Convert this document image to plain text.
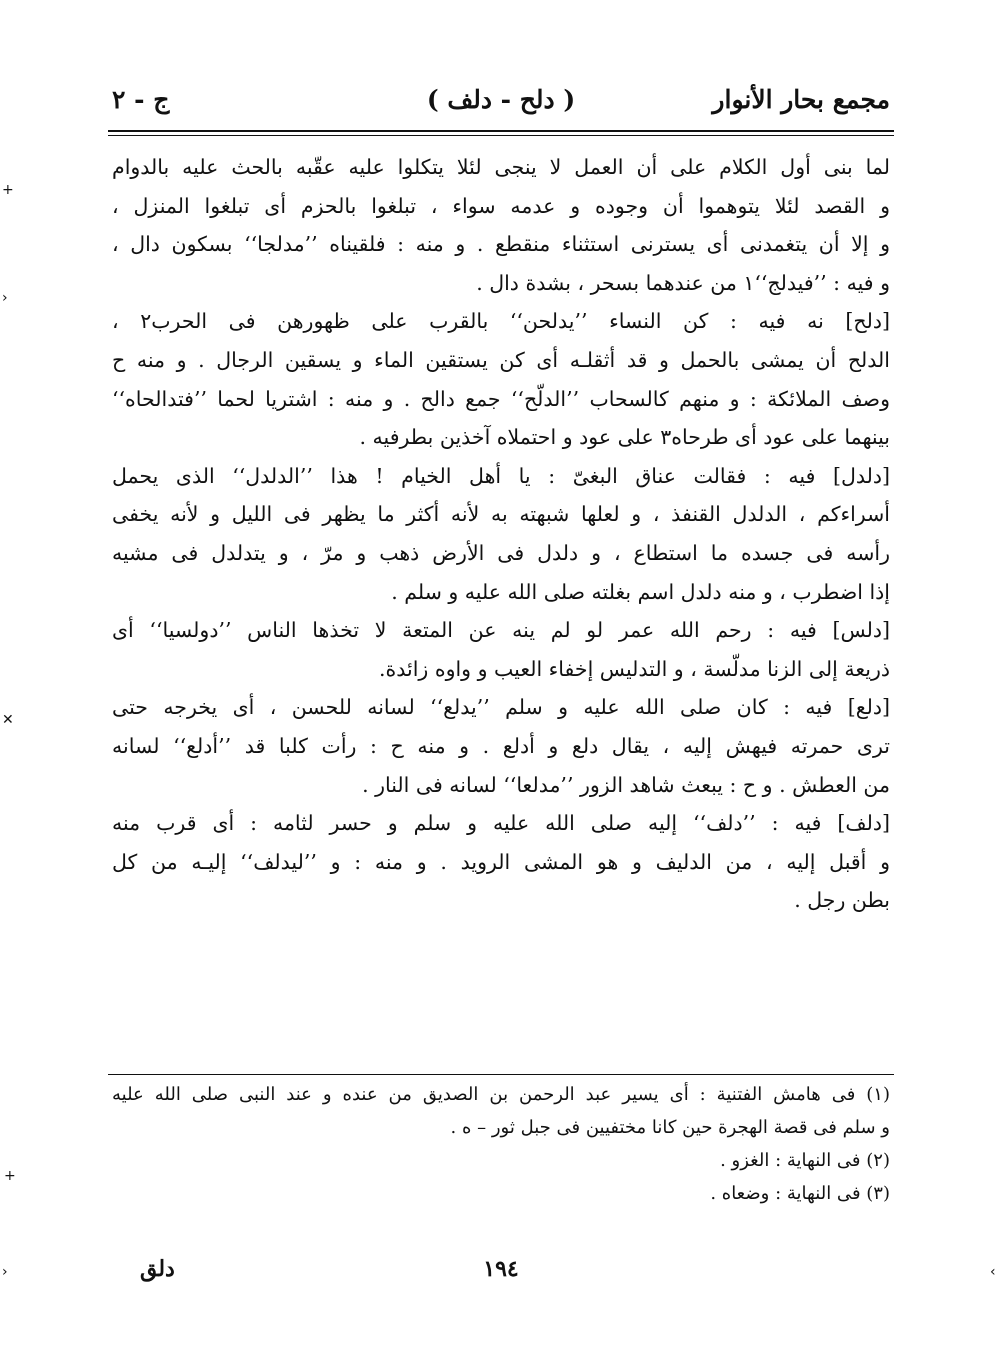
مجمع بحار الأنوار
( دلح - دلف )
ج - ٢
لما بنى أول الكلام على أن العمل لا ينجى لئلا يتكلوا عليه عقّبه بالحث عليه بالدوام
و القصد لئلا يتوهموا أن وجوده و عدمه سواء ، تبلغوا بالحزم أى تبلغوا المنزل ،
و إلا أن يتغمدنى أى يسترنى استثناء منقطع . و منه : فلقيناه ’’مدلجا‘‘ بسكون دال ،
و فيه : ’’فيدلج‘‘١ من عندهما بسحر ، بشدة دال .
[دلح] نه فيه : كن النساء ’’يدلحن‘‘ بالقرب على ظهورهن فى الحرب٢ ،
الدلح أن يمشى بالحمل و قد أثقلـه أى كن يستقين الماء و يسقين الرجال . و منه ح
وصف الملائكة : و منهم كالسحاب ’’الدلّح‘‘ جمع دالح . و منه : اشتريا لحما ’’فتدالحاه‘‘
بينهما على عود أى طرحاه٣ على عود و احتملاه آخذين بطرفيه .
[دلدل] فيه : فقالت عناق البغىّ : يا أهل الخيام ! هذا ’’الدلدل‘‘ الذى يحمل
أسراءكم ، الدلدل القنفذ ، و لعلها شبهته به لأنه أكثر ما يظهر فى الليل و لأنه يخفى
رأسه فى جسده ما استطاع ، و دلدل فى الأرض ذهب و مرّ ، و يتدلدل فى مشيه
إذا اضطرب ، و منه دلدل اسم بغلته صلى الله عليه و سلم .
[دلس] فيه : رحم الله عمر لو لم ينه عن المتعة لا تخذها الناس ’’دولسيا‘‘ أى
ذريعة إلى الزنا مدلّسة ، و التدليس إخفاء العيب و واوه زائدة.
[دلع] فيه : كان صلى الله عليه و سلم ’’يدلع‘‘ لسانه للحسن ، أى يخرجه حتى
ترى حمرته فيهش إليه ، يقال دلع و أدلع . و منه ح : رأت كلبا قد ’’أدلع‘‘ لسانه
من العطش . و ح : يبعث شاهد الزور ’’مدلعا‘‘ لسانه فى النار .
[دلف] فيه : ’’دلف‘‘ إليه صلى الله عليه و سلم و حسر لثامه : أى قرب منه
و أقبل إليه ، من الدليف و هو المشى الرويد . و منه : و ’’ليدلف‘‘ إليـه من كل
بطن رجل .
(١) فى هامش الفتنية : أى يسير عبد الرحمن بن الصديق من عنده و عند النبى صلى الله عليه
و سلم فى قصة الهجرة حين كانا مختفيين فى جبل ثور – ه .
(٢) فى النهاية : الغزو .
(٣) فى النهاية : وضعاه .
١٩٤
دلق
+
›
✕
+
›	‹
